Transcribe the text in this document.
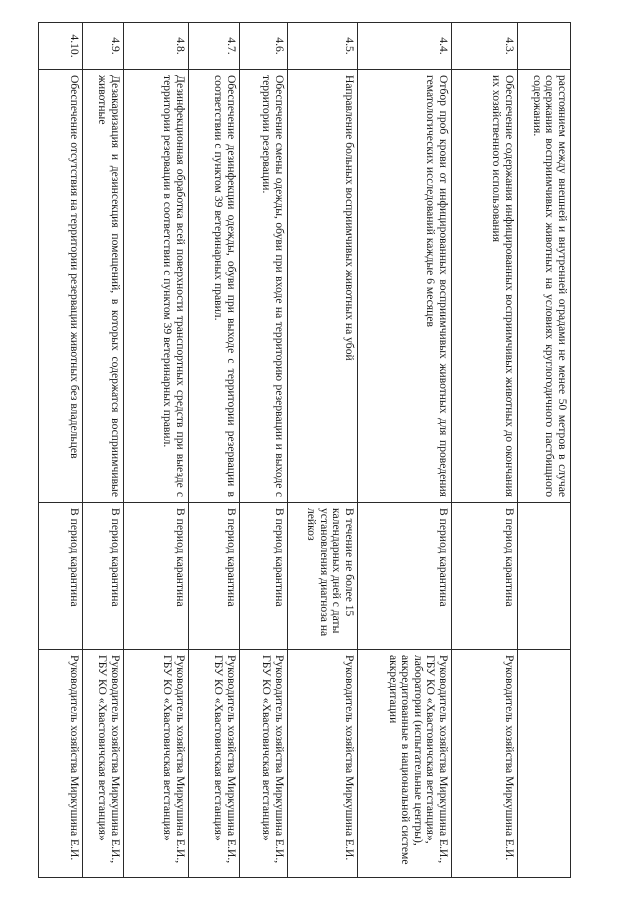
	расстоянием между внешней и внутренней оградами не менее 50 метров в случае содержания восприимчивых животных на условиях круглогодичного пастбищного содержания.		
4.3.	Обеспечение содержания инфицированных восприимчивых животных до окончания их хозяйственного использования	В период карантина	Руководитель хозяйства Миркушина Е.И.
4.4.	Отбор проб крови от инфицированных восприимчивых животных для проведения гематологических исследований каждые 6 месяцев	В период карантина	Руководитель хозяйства Миркушина Е.И., ГБУ КО «Хвастовичская ветстанция», лаборатории (испытательные центры), аккредитованные в национальной системе аккредитации
4.5.	Направление больных восприимчивых животных на убой	В течение не более 15 календарных дней с даты установления диагноза на лейкоз	Руководитель хозяйства Миркушина Е.И.
4.6.	Обеспечение смены одежды, обуви при входе на территорию резервации и выходе с территории резервации.	В период карантина	Руководитель хозяйства Миркушина Е.И., ГБУ КО «Хвастовичская ветстанция»
4.7.	Обеспечение дезинфекции одежды, обуви при выходе с территории резервации в соответствии с пунктом 39 ветеринарных правил.	В период карантина	Руководитель хозяйства Миркушина Е.И., ГБУ КО «Хвастовичская ветстанция»
4.8.	Дезинфекционная обработка всей поверхности транспортных средств при выезде с территории резервации в соответствии с пунктом 39 ветеринарных правил.	В период карантина	Руководитель хозяйства Миркушина Е.И., ГБУ КО «Хвастовичская ветстанция»
4.9.	Дезакаризация и дезинсекция помещений, в которых содержатся восприимчивые животные	В период карантина	Руководитель хозяйства Миркушина Е.И., ГБУ КО «Хвастовичская ветстанция»
4.10.	Обеспечение отсутствия на территории резервации животных без владельцев	В период карантина	Руководитель хозяйства Миркушина Е.И.
